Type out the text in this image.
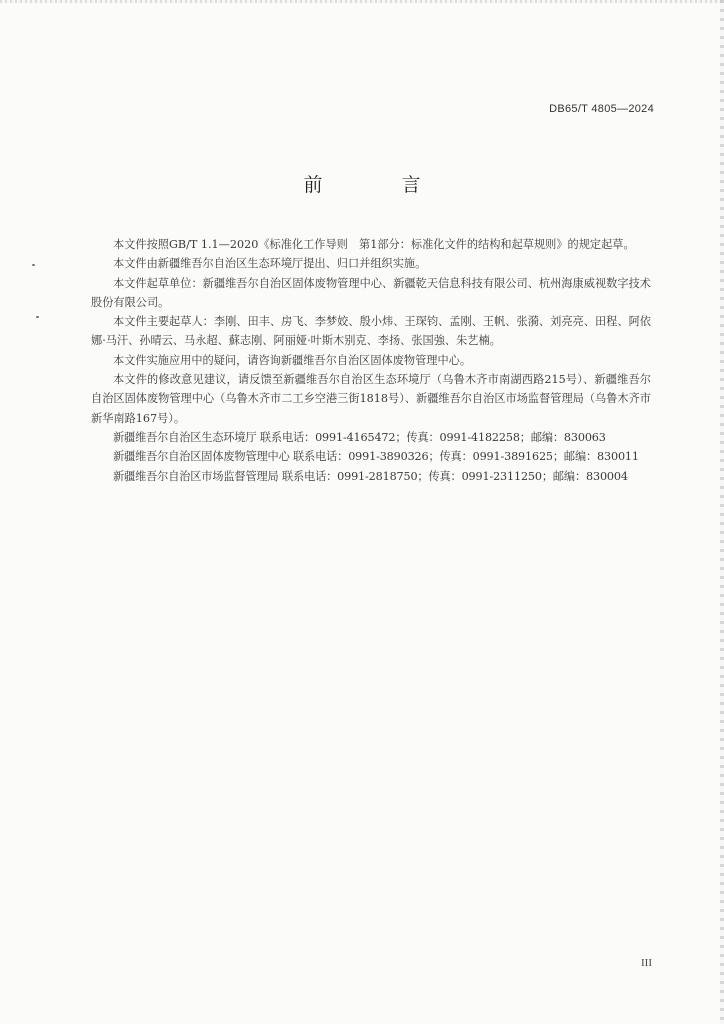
DB65/T 4805—2024
前　言

本文件按照GB/T 1.1—2020《标准化工作导则　第1部分：标准化文件的结构和起草规则》的规定起草。

本文件由新疆维吾尔自治区生态环境厅提出、归口并组织实施。

本文件起草单位：新疆维吾尔自治区固体废物管理中心、新疆乾天信息科技有限公司、杭州海康威视数字技术股份有限公司。

本文件主要起草人：李刚、田丰、房飞、李梦姣、殷小炜、王琛钧、孟刚、王帆、张漪、刘亮亮、田程、阿依娜·马汗、孙晴云、马永超、蘇志刚、阿丽娅·叶斯木别克、李扬、张国強、朱艺楠。

本文件实施应用中的疑问，请咨询新疆维吾尔自治区固体废物管理中心。

本文件的修改意见建议，请反馈至新疆维吾尔自治区生态环境厅（乌鲁木齐市南湖西路215号）、新疆维吾尔自治区固体废物管理中心（乌鲁木齐市二工乡空港三街1818号）、新疆维吾尔自治区市场监督管理局（乌鲁木齐市新华南路167号）。

新疆维吾尔自治区生态环境厅 联系电话：0991-4165472；传真：0991-4182258；邮编：830063

新疆维吾尔自治区固体废物管理中心 联系电话：0991-3890326；传真：0991-3891625；邮编：830011

新疆维吾尔自治区市场监督管理局 联系电话：0991-2818750；传真：0991-2311250；邮编：830004

III
